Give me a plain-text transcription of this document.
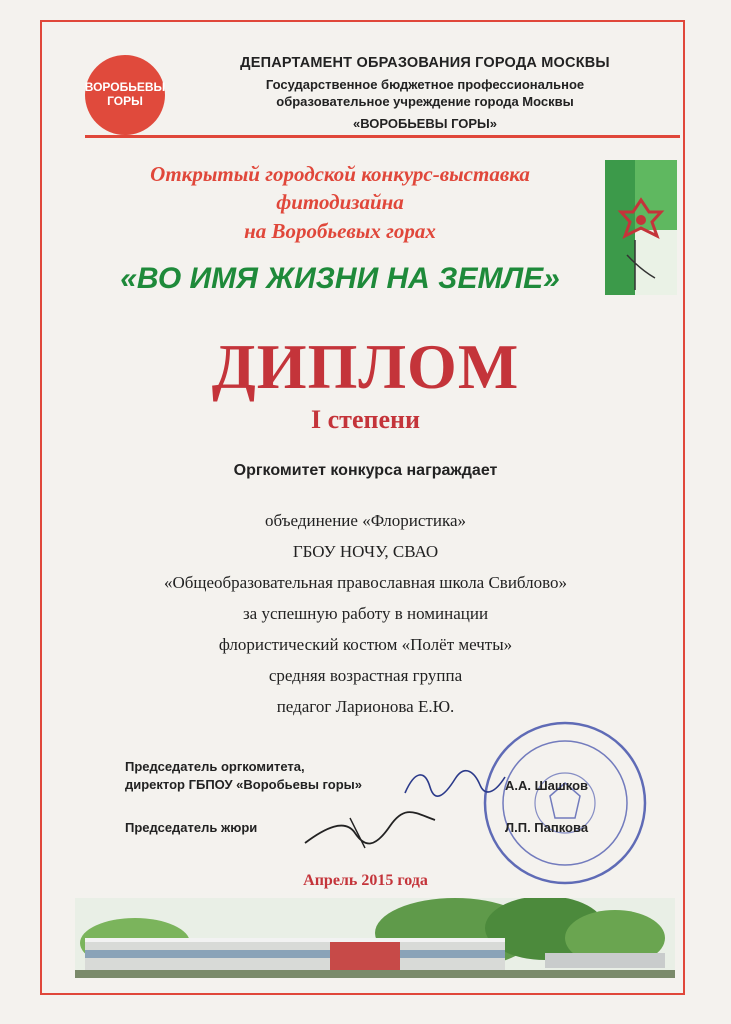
ВОРОБЬЕВЫ
ГОРЫ
ДЕПАРТАМЕНТ ОБРАЗОВАНИЯ ГОРОДА МОСКВЫ
Государственное бюджетное профессиональное
образовательное учреждение города Москвы
«ВОРОБЬЕВЫ ГОРЫ»
Открытый городской конкурс-выставка
фитодизайна
на Воробьевых горах
«ВО ИМЯ ЖИЗНИ НА ЗЕМЛЕ»
ДИПЛОМ
I степени
Оргкомитет конкурса награждает
объединение «Флористика»
ГБОУ НОЧУ, СВАО
«Общеобразовательная православная школа Свиблово»
за успешную работу в номинации
флористический костюм «Полёт мечты»
средняя возрастная группа
педагог Ларионова Е.Ю.
Председатель оргкомитета,
директор ГБПОУ «Воробьевы горы»	А.А. Шашков
Председатель жюри	Л.П. Папкова
Апрель 2015 года
